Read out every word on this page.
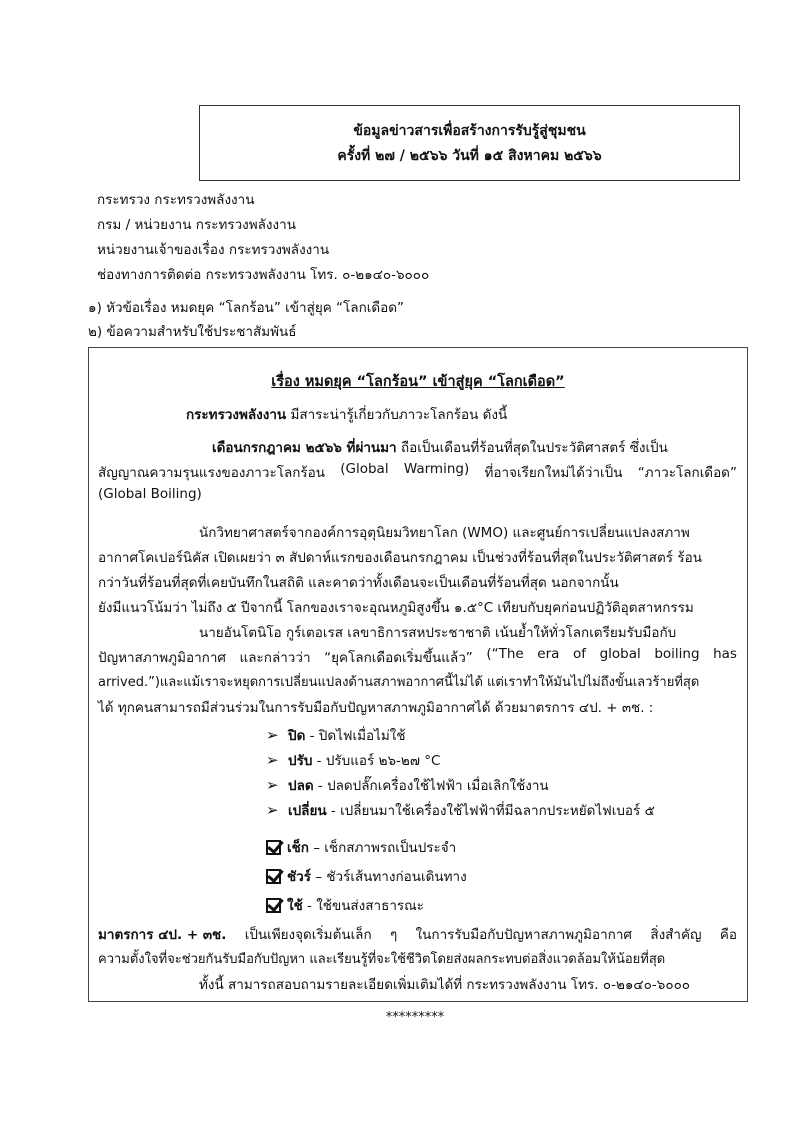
ข้อมูลข่าวสารเพื่อสร้างการรับรู้สู่ชุมชน
ครั้งที่ ๒๗ / ๒๕๖๖ วันที่ ๑๕ สิงหาคม ๒๕๖๖
กระทรวง กระทรวงพลังงาน
กรม / หน่วยงาน กระทรวงพลังงาน
หน่วยงานเจ้าของเรื่อง กระทรวงพลังงาน
ช่องทางการติดต่อ กระทรวงพลังงาน โทร. ๐-๒๑๔๐-๖๐๐๐
๑) หัวข้อเรื่อง หมดยุค “โลกร้อน” เข้าสู่ยุค “โลกเดือด”
๒) ข้อความสำหรับใช้ประชาสัมพันธ์
เรื่อง หมดยุค “โลกร้อน” เข้าสู่ยุค “โลกเดือด”
กระทรวงพลังงาน มีสาระน่ารู้เกี่ยวกับภาวะโลกร้อน ดังนี้
เดือนกรกฎาคม ๒๕๖๖ ที่ผ่านมา ถือเป็นเดือนที่ร้อนที่สุดในประวัติศาสตร์ ซึ่งเป็น
สัญญาณความรุนแรงของภาวะโลกร้อน (Global Warming) ที่อาจเรียกใหม่ได้ว่าเป็น “ภาวะโลกเดือด”
(Global Boiling)
นักวิทยาศาสตร์จากองค์การอุตุนิยมวิทยาโลก (WMO) และศูนย์การเปลี่ยนแปลงสภาพ
อากาศโคเปอร์นิคัส เปิดเผยว่า ๓ สัปดาห์แรกของเดือนกรกฎาคม เป็นช่วงที่ร้อนที่สุดในประวัติศาสตร์ ร้อน
กว่าวันที่ร้อนที่สุดที่เคยบันทึกในสถิติ และคาดว่าทั้งเดือนจะเป็นเดือนที่ร้อนที่สุด นอกจากนั้น
ยังมีแนวโน้มว่า ไม่ถึง ๕ ปีจากนี้ โลกของเราจะอุณหภูมิสูงขึ้น ๑.๕°C เทียบกับยุคก่อนปฏิวัติอุตสาหกรรม
นายอันโตนิโอ กูร์เตอเรส เลขาธิการสหประชาชาติ เน้นย้ำให้ทั่วโลกเตรียมรับมือกับ
ปัญหาสภาพภูมิอากาศ และกล่าวว่า “ยุคโลกเดือดเริ่มขึ้นแล้ว” (“The era of global boiling has
arrived.”)และแม้เราจะหยุดการเปลี่ยนแปลงด้านสภาพอากาศนี้ไม่ได้ แต่เราทำให้มันไปไม่ถึงขั้นเลวร้ายที่สุด
ได้ ทุกคนสามารถมีส่วนร่วมในการรับมือกับปัญหาสภาพภูมิอากาศได้ ด้วยมาตรการ ๔ป. + ๓ช. :
➢ ปิด - ปิดไฟเมื่อไม่ใช้
➢ ปรับ - ปรับแอร์ ๒๖-๒๗ °C
➢ ปลด - ปลดปลั๊กเครื่องใช้ไฟฟ้า เมื่อเลิกใช้งาน
➢ เปลี่ยน - เปลี่ยนมาใช้เครื่องใช้ไฟฟ้าที่มีฉลากประหยัดไฟเบอร์ ๕
เช็ก – เช็กสภาพรถเป็นประจำ
ชัวร์ – ชัวร์เส้นทางก่อนเดินทาง
ใช้ - ใช้ขนส่งสาธารณะ
มาตรการ ๔ป. + ๓ช. เป็นเพียงจุดเริ่มต้นเล็ก ๆ ในการรับมือกับปัญหาสภาพภูมิอากาศ สิ่งสำคัญ คือ
ความตั้งใจที่จะช่วยกันรับมือกับปัญหา และเรียนรู้ที่จะใช้ชีวิตโดยส่งผลกระทบต่อสิ่งแวดล้อมให้น้อยที่สุด
ทั้งนี้ สามารถสอบถามรายละเอียดเพิ่มเติมได้ที่ กระทรวงพลังงาน โทร. ๐-๒๑๔๐-๖๐๐๐
*********
